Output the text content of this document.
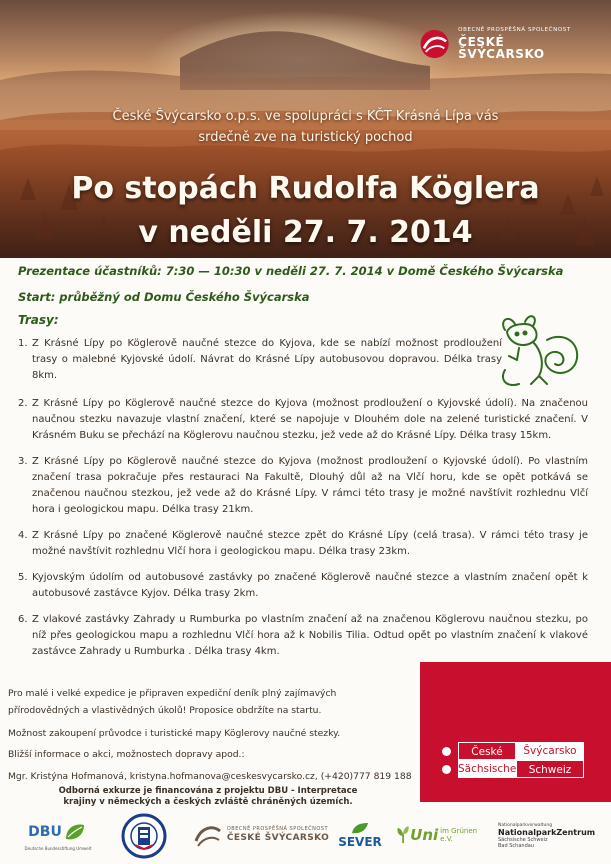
OBECNĚ PROSPĚŠNÁ SPOLEČNOST
ČESKÉ ŠVÝCARSKO
České Švýcarsko o.p.s. ve spolupráci s KČT Krásná Lípa vás
srdečně zve na turistický pochod
Po stopách Rudolfa Köglera
v neděli 27. 7. 2014
Prezentace účastníků: 7:30 — 10:30 v neděli 27. 7. 2014 v Domě Českého Švýcarska
Start: průběžný od Domu Českého Švýcarska
Trasy:
1. Z Krásné Lípy po Köglerově naučné stezce do Kyjova, kde se nabízí možnost prodloužení trasy o malebné Kyjovské údolí. Návrat do Krásné Lípy autobusovou dopravou. Délka trasy 8km.
2. Z Krásné Lípy po Köglerově naučné stezce do Kyjova (možnost prodloužení o Kyjovské údolí). Na značenou naučnou stezku navazuje vlastní značení, které se napojuje v Dlouhém dole na zelené turistické značení. V Krásném Buku se přechází na Köglerovu naučnou stezku, jež vede až do Krásné Lípy. Délka trasy 15km.
3. Z Krásné Lípy po Köglerově naučné stezce do Kyjova (možnost prodloužení o Kyjovské údolí). Po vlastním značení trasa pokračuje přes restauraci Na Fakultě, Dlouhý důl až na Vlčí horu, kde se opět potkává se značenou naučnou stezkou, jež vede až do Krásné Lípy. V rámci této trasy je možné navštívit rozhlednu Vlčí hora i geologickou mapu. Délka trasy 21km.
4. Z Krásné Lípy po značené Köglerově naučné stezce zpět do Krásné Lípy (celá trasa). V rámci této trasy je možné navštívit rozhlednu Vlčí hora i geologickou mapu. Délka trasy 23km.
5. Kyjovským údolím od autobusové zastávky po značené Köglerově naučné stezce a vlastním značení opět k autobusové zastávce Kyjov. Délka trasy 2km.
6. Z vlakové zastávky Zahrady u Rumburka po vlastním značení až na značenou Köglerovu naučnou stezku, po níž přes geologickou mapu a rozhlednu Vlčí hora až k Nobilis Tilia. Odtud opět po vlastním značení k vlakové zastávce Zahrady u Rumburka . Délka trasy 4km.
České	Švýcarsko
Sächsische	Schweiz
Pro malé i velké expedice je připraven expediční deník plný zajímavých
přírodovědných a vlastivědných úkolů! Proposice obdržíte na startu.
Možnost zakoupení průvodce i turistické mapy Köglerovy naučné stezky.
Bližší informace o akci, možnostech dopravy apod.:
Mgr. Kristýna Hofmanová, kristyna.hofmanova@ceskesvycarsko.cz, (+420)777 819 188
Odborná exkurze je financována z projektu DBU - Interpretace krajiny v německých a českých zvláště chráněných územích.
DBU
Deutsche Bundesstiftung Umwelt
OBECNĚ PROSPĚŠNÁ SPOLEČNOST
ČESKÉ ŠVÝCARSKO SEVER Uni im Grünen e.V.
Nationalparkverwaltung
NationalparkZentrum
Sächsische Schweiz
Bad Schandau
